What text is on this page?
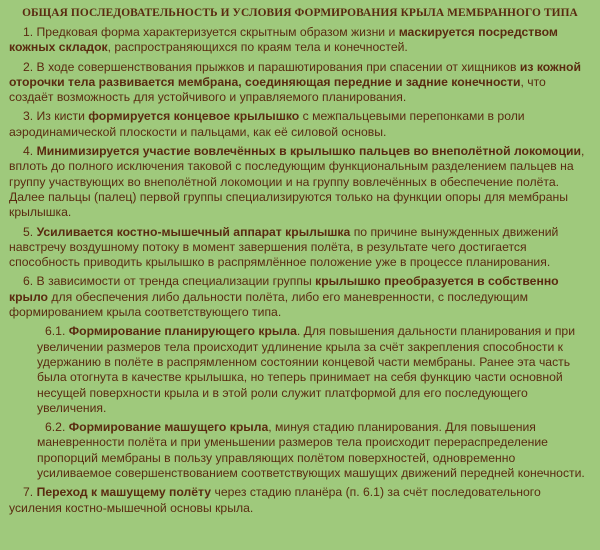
ОБЩАЯ ПОСЛЕДОВАТЕЛЬНОСТЬ И УСЛОВИЯ ФОРМИРОВАНИЯ КРЫЛА МЕМБРАННОГО ТИПА

1. Предковая форма характеризуется скрытным образом жизни и маскируется посредством кожных складок, распространяющихся по краям тела и конечностей.

2. В ходе совершенствования прыжков и парашютирования при спасении от хищников из кожной оторочки тела развивается мембрана, соединяющая передние и задние конечности, что создаёт возможность для устойчивого и управляемого планирования.

3. Из кисти формируется концевое крылышко с межпальцевыми перепонками в роли аэродинамической плоскости и пальцами, как её силовой основы.

4. Минимизируется участие вовлечённых в крылышко пальцев во внеполётной локомоции, вплоть до полного исключения таковой с последующим функциональным разделением пальцев на группу участвующих во внеполётной локомоции и на группу вовлечённых в обеспечение полёта. Далее пальцы (палец) первой группы специализируются только на функции опоры для мембраны крылышка.

5. Усиливается костно-мышечный аппарат крылышка по причине вынужденных движений навстречу воздушному потоку в момент завершения полёта, в результате чего достигается способность приводить крылышко в распрямлённое положение уже в процессе планирования.

6. В зависимости от тренда специализации группы крылышко преобразуется в собственно крыло для обеспечения либо дальности полёта, либо его маневренности, с последующим формированием крыла соответствующего типа.

6.1. Формирование планирующего крыла. Для повышения дальности планирования и при увеличении размеров тела происходит удлинение крыла за счёт закрепления способности к удержанию в полёте в распрямленном состоянии концевой части мембраны. Ранее эта часть была отогнута в качестве крылышка, но теперь принимает на себя функцию части основной несущей поверхности крыла и в этой роли служит платформой для его последующего увеличения.

6.2. Формирование машущего крыла, минуя стадию планирования. Для повышения маневренности полёта и при уменьшении размеров тела происходит перераспределение пропорций мембраны в пользу управляющих полётом поверхностей, одновременно усиливаемое совершенствованием соответствующих машущих движений передней конечности.

7. Переход к машущему полёту через стадию планёра (п. 6.1) за счёт последовательного усиления костно-мышечной основы крыла.
